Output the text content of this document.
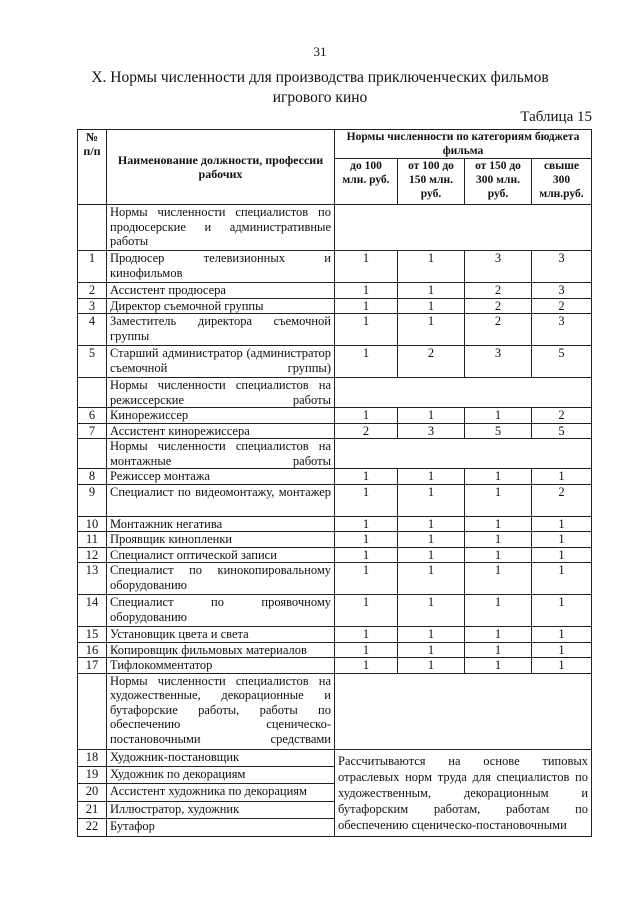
31
X. Нормы численности для производства приключенческих фильмов
игрового кино
Таблица 15
№ п/п	Наименование должности, профессии рабочих	Нормы численности по категориям бюджета фильма			
		до 100 млн. руб.	от 100 до 150 млн. руб.	от 150 до 300 млн. руб.	свыше 300 млн.руб.
	Нормы численности специалистов по продюсерские и административные работы				
1	Продюсер телевизионных и кинофильмов	1	1	3	3
2	Ассистент продюсера	1	1	2	3
3	Директор съемочной группы	1	1	2	2
4	Заместитель директора съемочной группы	1	1	2	3
5	Старший администратор (администратор съемочной группы)	1	2	3	5
	Нормы численности специалистов на режиссерские работы				
6	Кинорежиссер	1	1	1	2
7	Ассистент кинорежиссера	2	3	5	5
	Нормы численности специалистов на монтажные работы				
8	Режиссер монтажа	1	1	1	1
9	Специалист по видеомонтажу, монтажер	1	1	1	2
10	Монтажник негатива	1	1	1	1
11	Проявщик кинопленки	1	1	1	1
12	Специалист оптической записи	1	1	1	1
13	Специалист по кинокопировальному оборудованию	1	1	1	1
14	Специалист по проявочному оборудованию	1	1	1	1
15	Установщик цвета и света	1	1	1	1
16	Копировщик фильмовых материалов	1	1	1	1
17	Тифлокомментатор	1	1	1	1
	Нормы численности специалистов на художественные, декорационные и бутафорские работы, работы по обеспечению сценическо-постановочными средствами				
18	Художник-постановщик	Рассчитываются на основе типовых отраслевых норм труда для специалистов по художественным, декорационным и бутафорским работам, работам по обеспечению сценическо-постановочными			
19	Художник по декорациям				
20	Ассистент художника по декорациям				
21	Иллюстратор, художник				
22	Бутафор				
